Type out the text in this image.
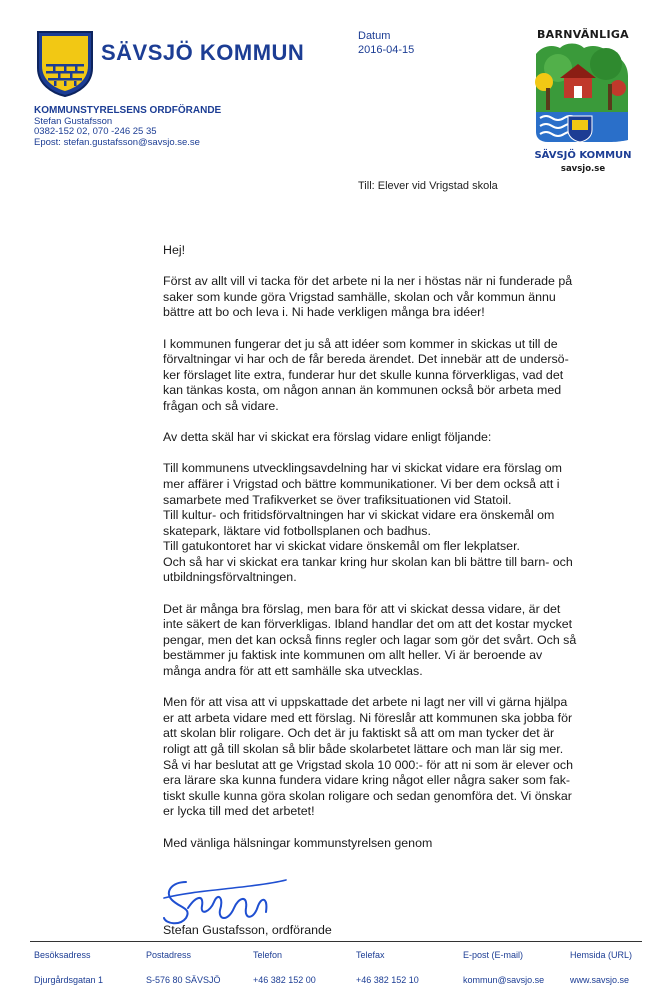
SÄVSJÖ KOMMUN
KOMMUNSTYRELSENS ORDFÖRANDE
Stefan Gustafsson
0382-152 02, 070 -246 25 35
Epost: stefan.gustafsson@savsjo.se.se
Datum
2016-04-15
BARNVÄNLIGA
SÄVSJÖ KOMMUN
savsjo.se
Till: Elever vid Vrigstad skola

Hej!

Först av allt vill vi tacka för det arbete ni la ner i höstas när ni funderade på
saker som kunde göra Vrigstad samhälle, skolan och vår kommun ännu
bättre att bo och leva i. Ni hade verkligen många bra idéer!

I kommunen fungerar det ju så att idéer som kommer in skickas ut till de
förvaltningar vi har och de får bereda ärendet. Det innebär att de undersö-
ker förslaget lite extra, funderar hur det skulle kunna förverkligas, vad det
kan tänkas kosta, om någon annan än kommunen också bör arbeta med
frågan och så vidare.

Av detta skäl har vi skickat era förslag vidare enligt följande:

Till kommunens utvecklingsavdelning har vi skickat vidare era förslag om
mer affärer i Vrigstad och bättre kommunikationer. Vi ber dem också att i
samarbete med Trafikverket se över trafiksituationen vid Statoil.
Till kultur- och fritidsförvaltningen har vi skickat vidare era önskemål om
skatepark, läktare vid fotbollsplanen och badhus.
Till gatukontoret har vi skickat vidare önskemål om fler lekplatser.
Och så har vi skickat era tankar kring hur skolan kan bli bättre till barn- och
utbildningsförvaltningen.

Det är många bra förslag, men bara för att vi skickat dessa vidare, är det
inte säkert de kan förverkligas. Ibland handlar det om att det kostar mycket
pengar, men det kan också finns regler och lagar som gör det svårt. Och så
bestämmer ju faktisk inte kommunen om allt heller. Vi är beroende av
många andra för att ett samhälle ska utvecklas.

Men för att visa att vi uppskattade det arbete ni lagt ner vill vi gärna hjälpa
er att arbeta vidare med ett förslag. Ni föreslår att kommunen ska jobba för
att skolan blir roligare. Och det är ju faktiskt så att om man tycker det är
roligt att gå till skolan så blir både skolarbetet lättare och man lär sig mer.
Så vi har beslutat att ge Vrigstad skola 10 000:- för att ni som är elever och
era lärare ska kunna fundera vidare kring något eller några saker som fak-
tiskt skulle kunna göra skolan roligare och sedan genomföra det. Vi önskar
er lycka till med det arbetet!

Med vänliga hälsningar kommunstyrelsen genom

Stefan Gustafsson, ordförande
Besöksadress	Postadress	Telefon	Telefax	E-post (E-mail)	Hemsida (URL)
Djurgårdsgatan 1	S-576 80 SÄVSJÖ	+46 382 152 00	+46 382 152 10	kommun@savsjo.se	www.savsjo.se
